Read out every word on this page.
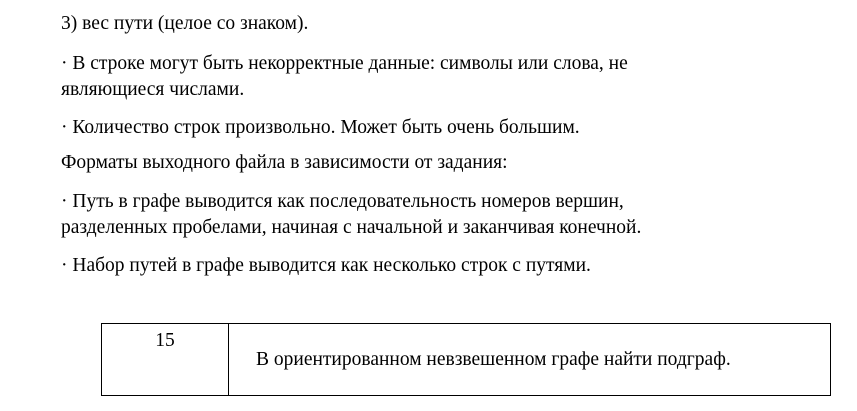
3) вес пути (целое со знаком).

· В строке могут быть некорректные данные: символы или слова, не
являющиеся числами.

· Количество строк произвольно. Может быть очень большим.

Форматы выходного файла в зависимости от задания:

· Путь в графе выводится как последовательность номеров вершин,
разделенных пробелами, начиная с начальной и заканчивая конечной.

· Набор путей в графе выводится как несколько строк с путями.

15	В ориентированном невзвешенном графе найти подграф.
